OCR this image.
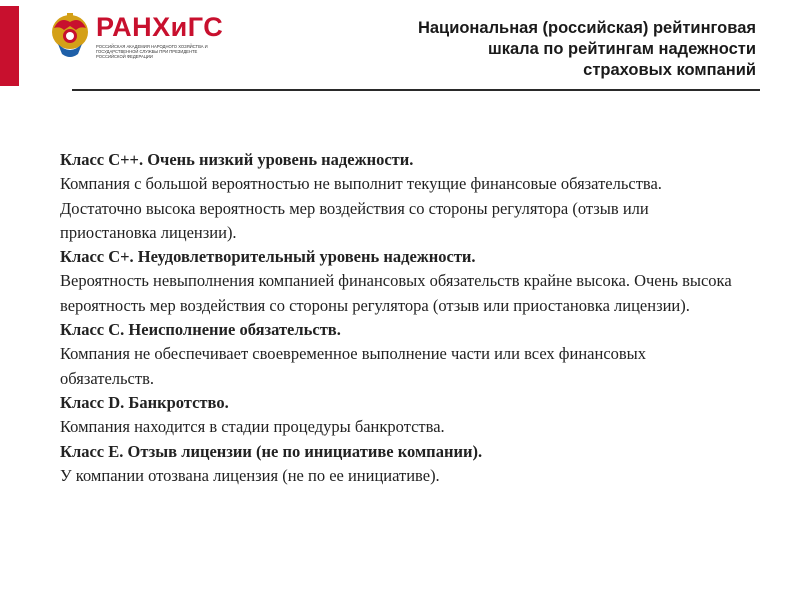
РАНХиГС
РОССИЙСКАЯ АКАДЕМИЯ НАРОДНОГО ХОЗЯЙСТВА И ГОСУДАРСТВЕННОЙ СЛУЖБЫ ПРИ ПРЕЗИДЕНТЕ РОССИЙСКОЙ ФЕДЕРАЦИИ
Национальная (российская) рейтинговая
шкала по рейтингам надежности
страховых компаний
Класс С++. Очень низкий уровень надежности.
Компания с большой вероятностью не выполнит текущие финансовые обязательства. Достаточно высока вероятность мер воздействия со стороны регулятора (отзыв или приостановка лицензии).
Класс С+. Неудовлетворительный уровень надежности.
Вероятность невыполнения компанией финансовых обязательств крайне высока. Очень высока вероятность мер воздействия со стороны регулятора (отзыв или приостановка лицензии).
Класс С. Неисполнение обязательств.
Компания не обеспечивает своевременное выполнение части или всех финансовых обязательств.
Класс D. Банкротство.
Компания находится в стадии процедуры банкротства.
Класс E. Отзыв лицензии (не по инициативе компании).
У компании отозвана лицензия (не по ее инициативе).
